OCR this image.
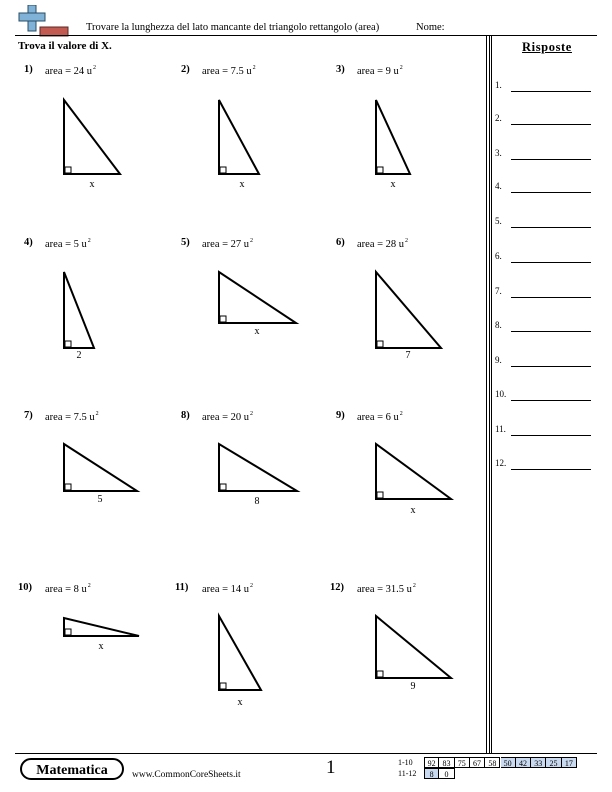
Trovare la lunghezza del lato mancante del triangolo rettangolo (area)	Nome:
Trova il valore di X.	Risposte
1.
2.
3.
4.
5.
6.
7.
8.
9.
10.
11.
12.
1) area = 24 $u^2$	2) area = 7.5 $u^2$	3) area = 9 $u^2$
4) area = 5 $u^2$	5) area = 27 $u^2$	6) area = 28 $u^2$
7) area = 7.5 $u^2$	8) area = 20 $u^2$	9) area = 6 $u^2$
10) area = 8 $u^2$	11) area = 14 $u^2$	12) area = 31.5 $u^2$
x	x	x
2
x
7
5	8
x
x
x
9
Matematica	www.CommonCoreSheets.it	1	1-10	92 83 75 67 58 50 42 33 25 17
11-12	8	0
